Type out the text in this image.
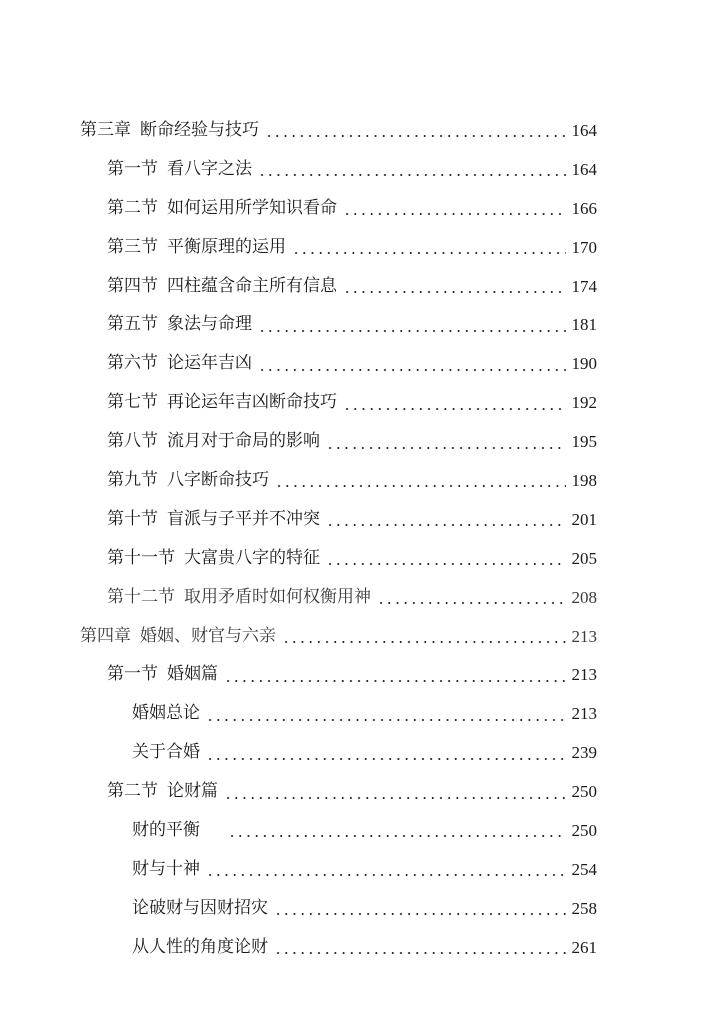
第三章 断命经验与技巧	164
第一节 看八字之法	164
第二节 如何运用所学知识看命	166
第三节 平衡原理的运用	170
第四节 四柱蕴含命主所有信息	174
第五节 象法与命理	181
第六节 论运年吉凶	190
第七节 再论运年吉凶断命技巧	192
第八节 流月对于命局的影响	195
第九节 八字断命技巧	198
第十节 盲派与子平并不冲突	201
第十一节 大富贵八字的特征	205
第十二节 取用矛盾时如何权衡用神	208
第四章 婚姻、财官与六亲	213
第一节 婚姻篇	213
婚姻总论	213
关于合婚	239
第二节 论财篇	250
财的平衡	250
财与十神	254
论破财与因财招灾	258
从人性的角度论财	261
